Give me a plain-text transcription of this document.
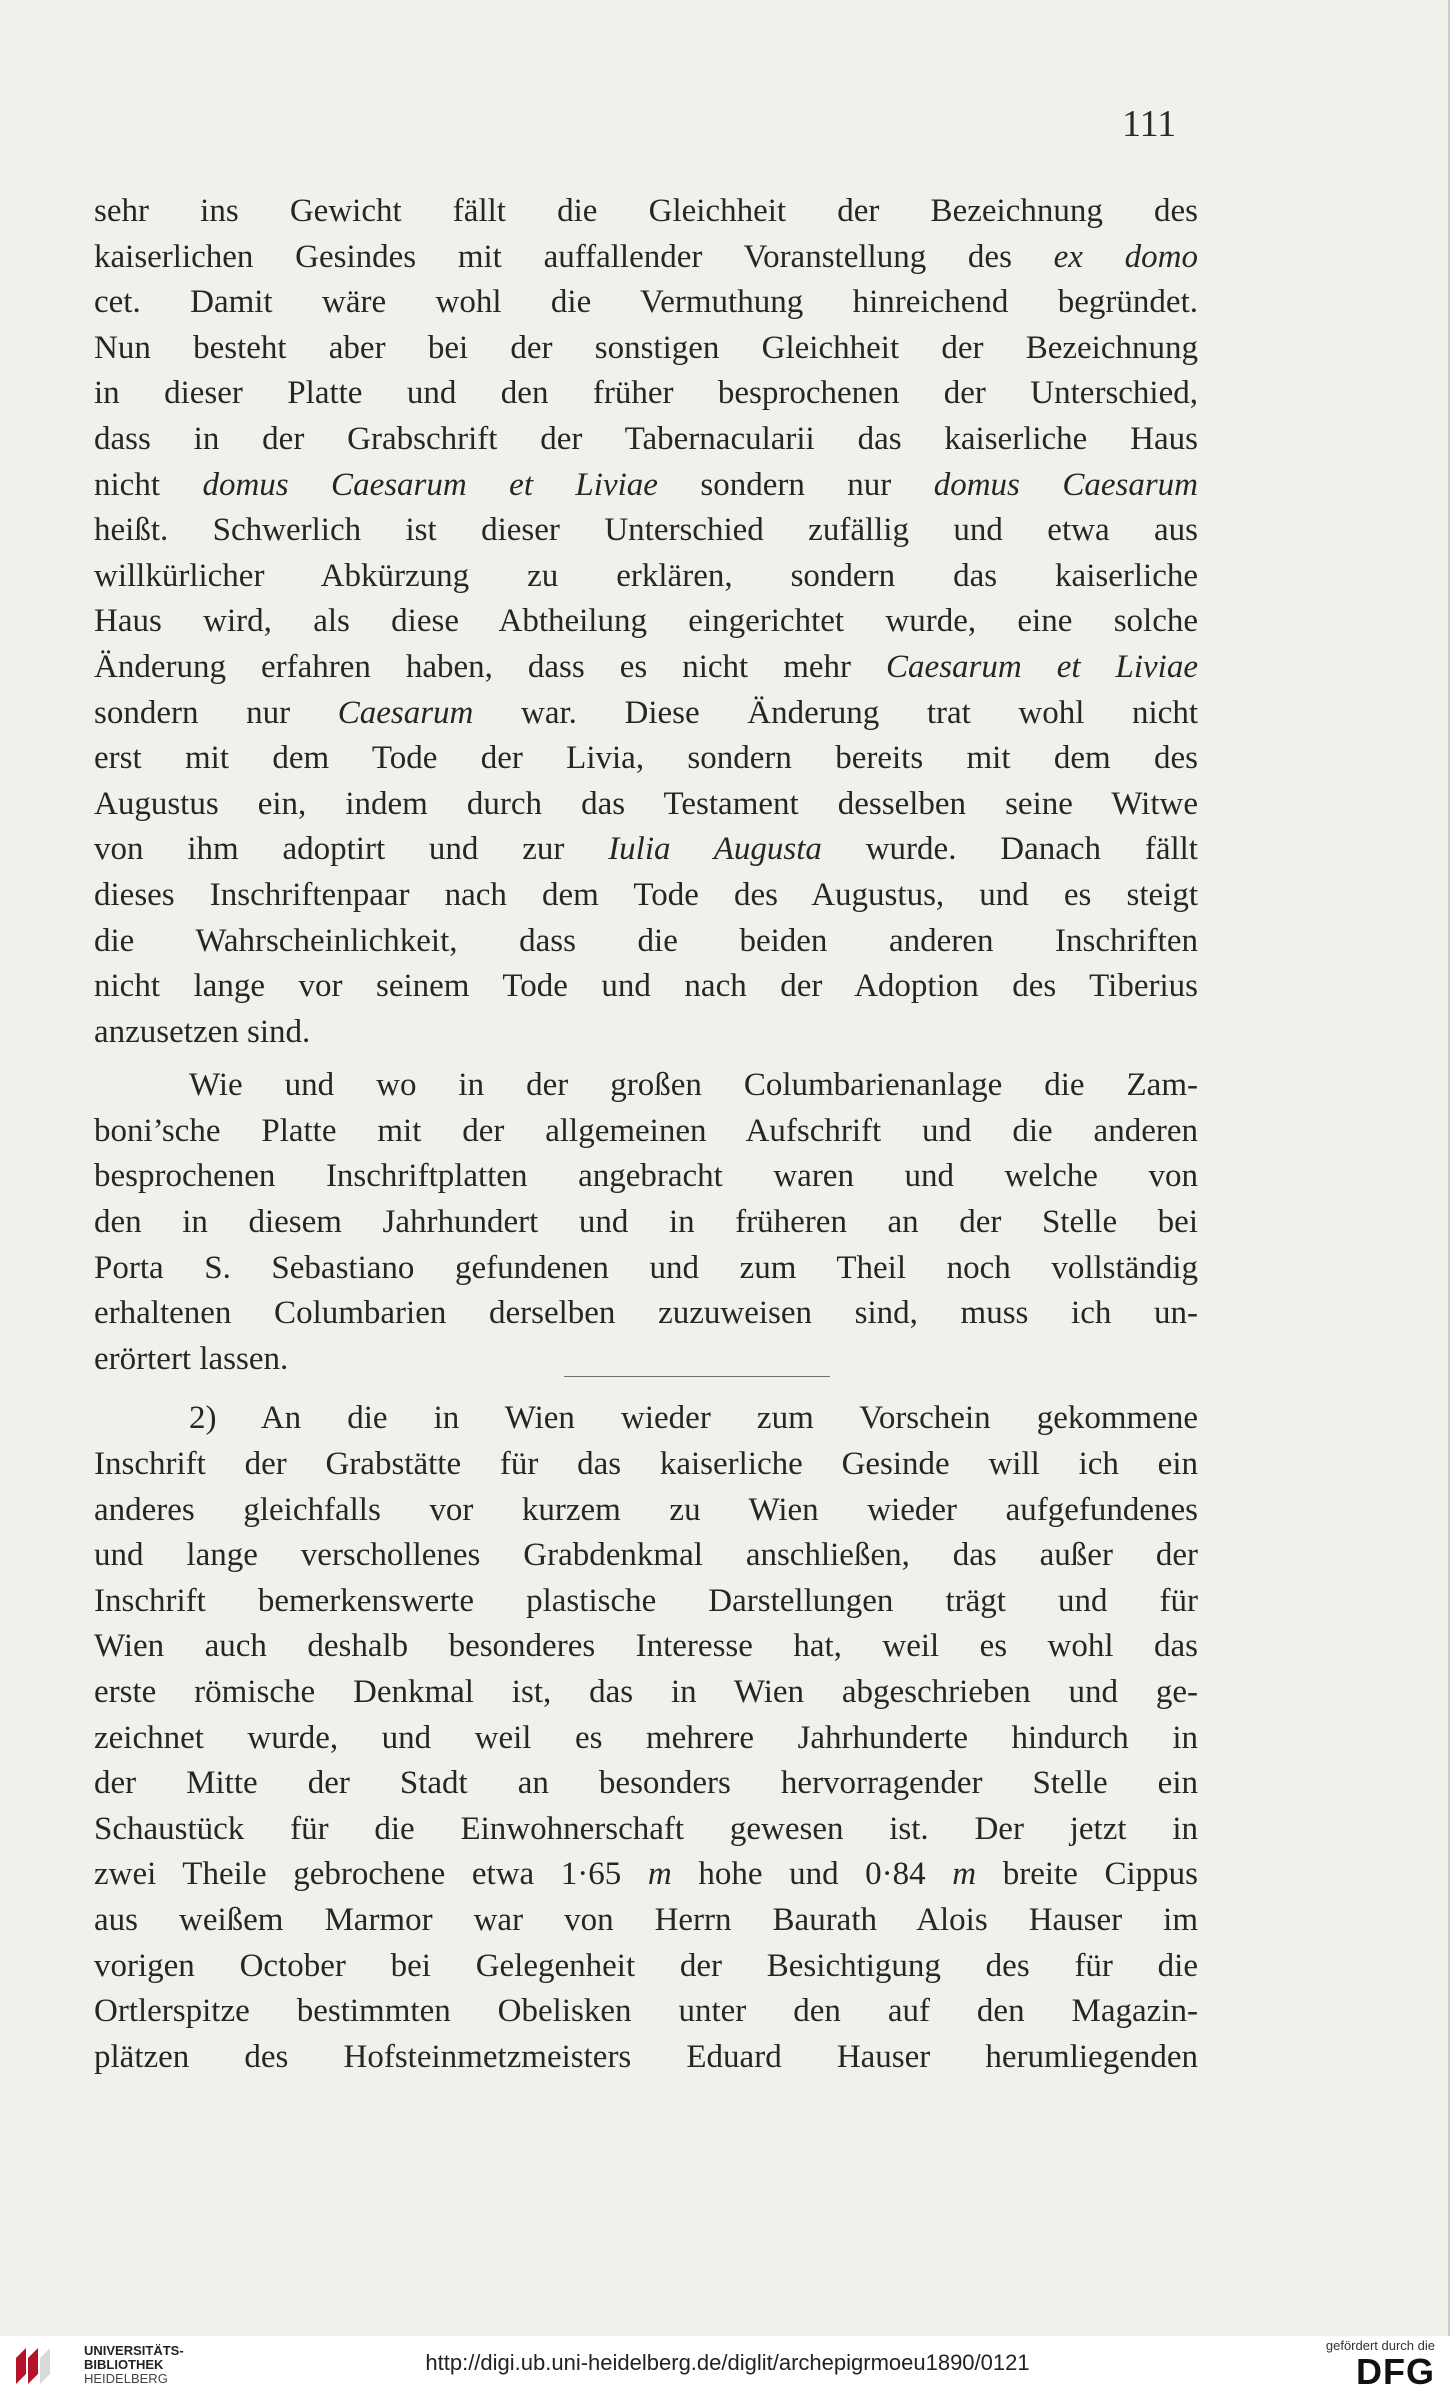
111
sehr ins Gewicht fällt die Gleichheit der Bezeichnung des
kaiserlichen Gesindes mit auffallender Voranstellung des ex domo
cet. Damit wäre wohl die Vermuthung hinreichend begründet.
Nun besteht aber bei der sonstigen Gleichheit der Bezeichnung
in dieser Platte und den früher besprochenen der Unterschied,
dass in der Grabschrift der Tabernacularii das kaiserliche Haus
nicht domus Caesarum et Liviae sondern nur domus Caesarum
heißt. Schwerlich ist dieser Unterschied zufällig und etwa aus
willkürlicher Abkürzung zu erklären, sondern das kaiserliche
Haus wird, als diese Abtheilung eingerichtet wurde, eine solche
Änderung erfahren haben, dass es nicht mehr Caesarum et Liviae
sondern nur Caesarum war. Diese Änderung trat wohl nicht
erst mit dem Tode der Livia, sondern bereits mit dem des
Augustus ein, indem durch das Testament desselben seine Witwe
von ihm adoptirt und zur Iulia Augusta wurde. Danach fällt
dieses Inschriftenpaar nach dem Tode des Augustus, und es steigt
die Wahrscheinlichkeit, dass die beiden anderen Inschriften
nicht lange vor seinem Tode und nach der Adoption des Tiberius
anzusetzen sind.
Wie und wo in der großen Columbarienanlage die Zam-
boni’sche Platte mit der allgemeinen Aufschrift und die anderen
besprochenen Inschriftplatten angebracht waren und welche von
den in diesem Jahrhundert und in früheren an der Stelle bei
Porta S. Sebastiano gefundenen und zum Theil noch vollständig
erhaltenen Columbarien derselben zuzuweisen sind, muss ich un-
erörtert lassen.
2) An die in Wien wieder zum Vorschein gekommene
Inschrift der Grabstätte für das kaiserliche Gesinde will ich ein
anderes gleichfalls vor kurzem zu Wien wieder aufgefundenes
und lange verschollenes Grabdenkmal anschließen, das außer der
Inschrift bemerkenswerte plastische Darstellungen trägt und für
Wien auch deshalb besonderes Interesse hat, weil es wohl das
erste römische Denkmal ist, das in Wien abgeschrieben und ge-
zeichnet wurde, und weil es mehrere Jahrhunderte hindurch in
der Mitte der Stadt an besonders hervorragender Stelle ein
Schaustück für die Einwohnerschaft gewesen ist. Der jetzt in
zwei Theile gebrochene etwa 1·65 m hohe und 0·84 m breite Cippus
aus weißem Marmor war von Herrn Baurath Alois Hauser im
vorigen October bei Gelegenheit der Besichtigung des für die
Ortlerspitze bestimmten Obelisken unter den auf den Magazin-
plätzen des Hofsteinmetzmeisters Eduard Hauser herumliegenden
UNIVERSITÄTS-
BIBLIOTHEK
HEIDELBERG
http://digi.ub.uni-heidelberg.de/diglit/archepigrmoeu1890/0121
gefördert durch die
DFG
